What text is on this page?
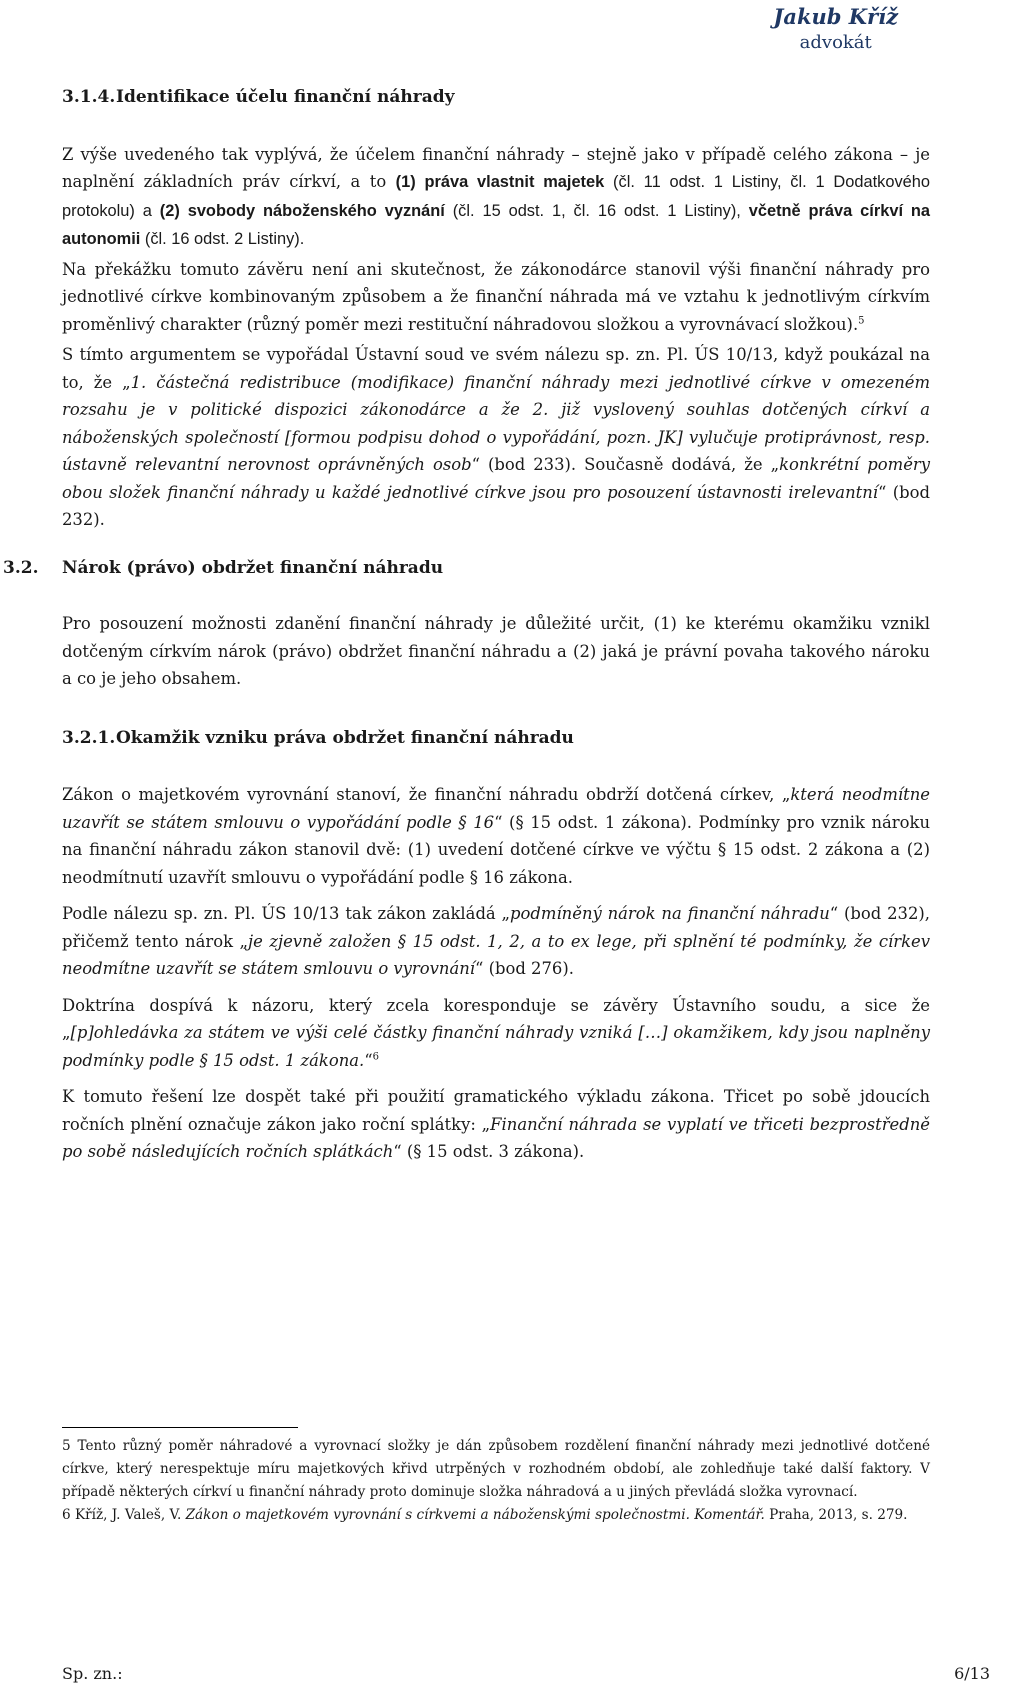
Jakub Kříž
advokát

3.1.4.Identifikace účelu finanční náhrady

Z výše uvedeného tak vyplývá, že účelem finanční náhrady – stejně jako v případě celého zákona – je naplnění základních práv církví, a to (1) práva vlastnit majetek (čl. 11 odst. 1 Listiny, čl. 1 Dodatkového protokolu) a (2) svobody náboženského vyznání (čl. 15 odst. 1, čl. 16 odst. 1 Listiny), včetně práva církví na autonomii (čl. 16 odst. 2 Listiny).

Na překážku tomuto závěru není ani skutečnost, že zákonodárce stanovil výši finanční náhrady pro jednotlivé církve kombinovaným způsobem a že finanční náhrada má ve vztahu k jednotlivým církvím proměnlivý charakter (různý poměr mezi restituční náhradovou složkou a vyrovnávací složkou).$^5$

S tímto argumentem se vypořádal Ústavní soud ve svém nálezu sp. zn. Pl. ÚS 10/13, když poukázal na to, že „1. částečná redistribuce (modifikace) finanční náhrady mezi jednotlivé církve v omezeném rozsahu je v politické dispozici zákonodárce a že 2. již vyslovený souhlas dotčených církví a náboženských společností [formou podpisu dohod o vypořádání, pozn. JK] vylučuje protiprávnost, resp. ústavně relevantní nerovnost oprávněných osob“ (bod 233). Současně dodává, že „konkrétní poměry obou složek finanční náhrady u každé jednotlivé církve jsou pro posouzení ústavnosti irelevantní“ (bod 232).

3.2. Nárok (právo) obdržet finanční náhradu

Pro posouzení možnosti zdanění finanční náhrady je důležité určit, (1) ke kterému okamžiku vznikl dotčeným církvím nárok (právo) obdržet finanční náhradu a (2) jaká je právní povaha takového nároku a co je jeho obsahem.

3.2.1.Okamžik vzniku práva obdržet finanční náhradu

Zákon o majetkovém vyrovnání stanoví, že finanční náhradu obdrží dotčená církev, „která neodmítne uzavřít se státem smlouvu o vypořádání podle § 16“ (§ 15 odst. 1 zákona). Podmínky pro vznik nároku na finanční náhradu zákon stanovil dvě: (1) uvedení dotčené církve ve výčtu § 15 odst. 2 zákona a (2) neodmítnutí uzavřít smlouvu o vypořádání podle § 16 zákona.

Podle nálezu sp. zn. Pl. ÚS 10/13 tak zákon zakládá „podmíněný nárok na finanční náhradu“ (bod 232), přičemž tento nárok „je zjevně založen § 15 odst. 1, 2, a to ex lege, při splnění té podmínky, že církev neodmítne uzavřít se státem smlouvu o vyrovnání“ (bod 276).

Doktrína dospívá k názoru, který zcela koresponduje se závěry Ústavního soudu, a sice že „[p]ohledávka za státem ve výši celé částky finanční náhrady vzniká […] okamžikem, kdy jsou naplněny podmínky podle § 15 odst. 1 zákona.“$^6$

K tomuto řešení lze dospět také při použití gramatického výkladu zákona. Třicet po sobě jdoucích ročních plnění označuje zákon jako roční splátky: „Finanční náhrada se vyplatí ve třiceti bezprostředně po sobě následujících ročních splátkách“ (§ 15 odst. 3 zákona).

5 Tento různý poměr náhradové a vyrovnací složky je dán způsobem rozdělení finanční náhrady mezi jednotlivé dotčené církve, který nerespektuje míru majetkových křivd utrpěných v rozhodném období, ale zohledňuje také další faktory. V případě některých církví u finanční náhrady proto dominuje složka náhradová a u jiných převládá složka vyrovnací.

6 Kříž, J. Valeš, V. Zákon o majetkovém vyrovnání s církvemi a náboženskými společnostmi. Komentář. Praha, 2013, s. 279.

Sp. zn.:	6/13
